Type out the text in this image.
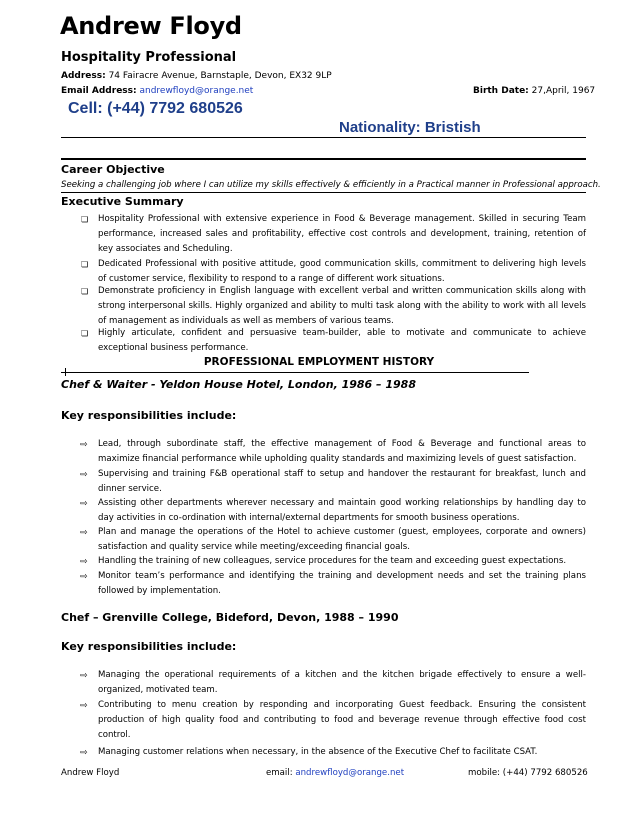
Andrew Floyd
Hospitality Professional
Address: 74 Fairacre Avenue, Barnstaple, Devon, EX32 9LP
Email Address: andrewfloyd@orange.net	Birth Date: 27,April, 1967
Cell: (+44) 7792 680526
Nationality: Bristish
Career Objective
Seeking a challenging job where I can utilize my skills effectively & efficiently in a Practical manner in Professional approach.
Executive Summary
❏ Hospitality Professional with extensive experience in Food & Beverage management. Skilled in securing Team performance, increased sales and profitability, effective cost controls and development, training, retention of key associates and Scheduling.
❏ Dedicated Professional with positive attitude, good communication skills, commitment to delivering high levels of customer service, flexibility to respond to a range of different work situations.
❏ Demonstrate proficiency in English language with excellent verbal and written communication skills along with strong interpersonal skills. Highly organized and ability to multi task along with the ability to work with all levels of management as individuals as well as members of various teams.
❏ Highly articulate, confident and persuasive team-builder, able to motivate and communicate to achieve exceptional business performance.
PROFESSIONAL EMPLOYMENT HISTORY
Chef & Waiter - Yeldon House Hotel, London, 1986 – 1988
Key responsibilities include:
⇨ Lead, through subordinate staff, the effective management of Food & Beverage and functional areas to maximize financial performance while upholding quality standards and maximizing levels of guest satisfaction.
⇨ Supervising and training F&B operational staff to setup and handover the restaurant for breakfast, lunch and dinner service.
⇨ Assisting other departments wherever necessary and maintain good working relationships by handling day to day activities in co-ordination with internal/external departments for smooth business operations.
⇨ Plan and manage the operations of the Hotel to achieve customer (guest, employees, corporate and owners) satisfaction and quality service while meeting/exceeding financial goals.
⇨ Handling the training of new colleagues, service procedures for the team and exceeding guest expectations.
⇨ Monitor team’s performance and identifying the training and development needs and set the training plans followed by implementation.
Chef – Grenville College, Bideford, Devon, 1988 – 1990
Key responsibilities include:
⇨ Managing the operational requirements of a kitchen and the kitchen brigade effectively to ensure a well-organized, motivated team.
⇨ Contributing to menu creation by responding and incorporating Guest feedback. Ensuring the consistent production of high quality food and contributing to food and beverage revenue through effective food cost control.
⇨ Managing customer relations when necessary, in the absence of the Executive Chef to facilitate CSAT.
Andrew Floyd	email: andrewfloyd@orange.net	mobile: (+44) 7792 680526
